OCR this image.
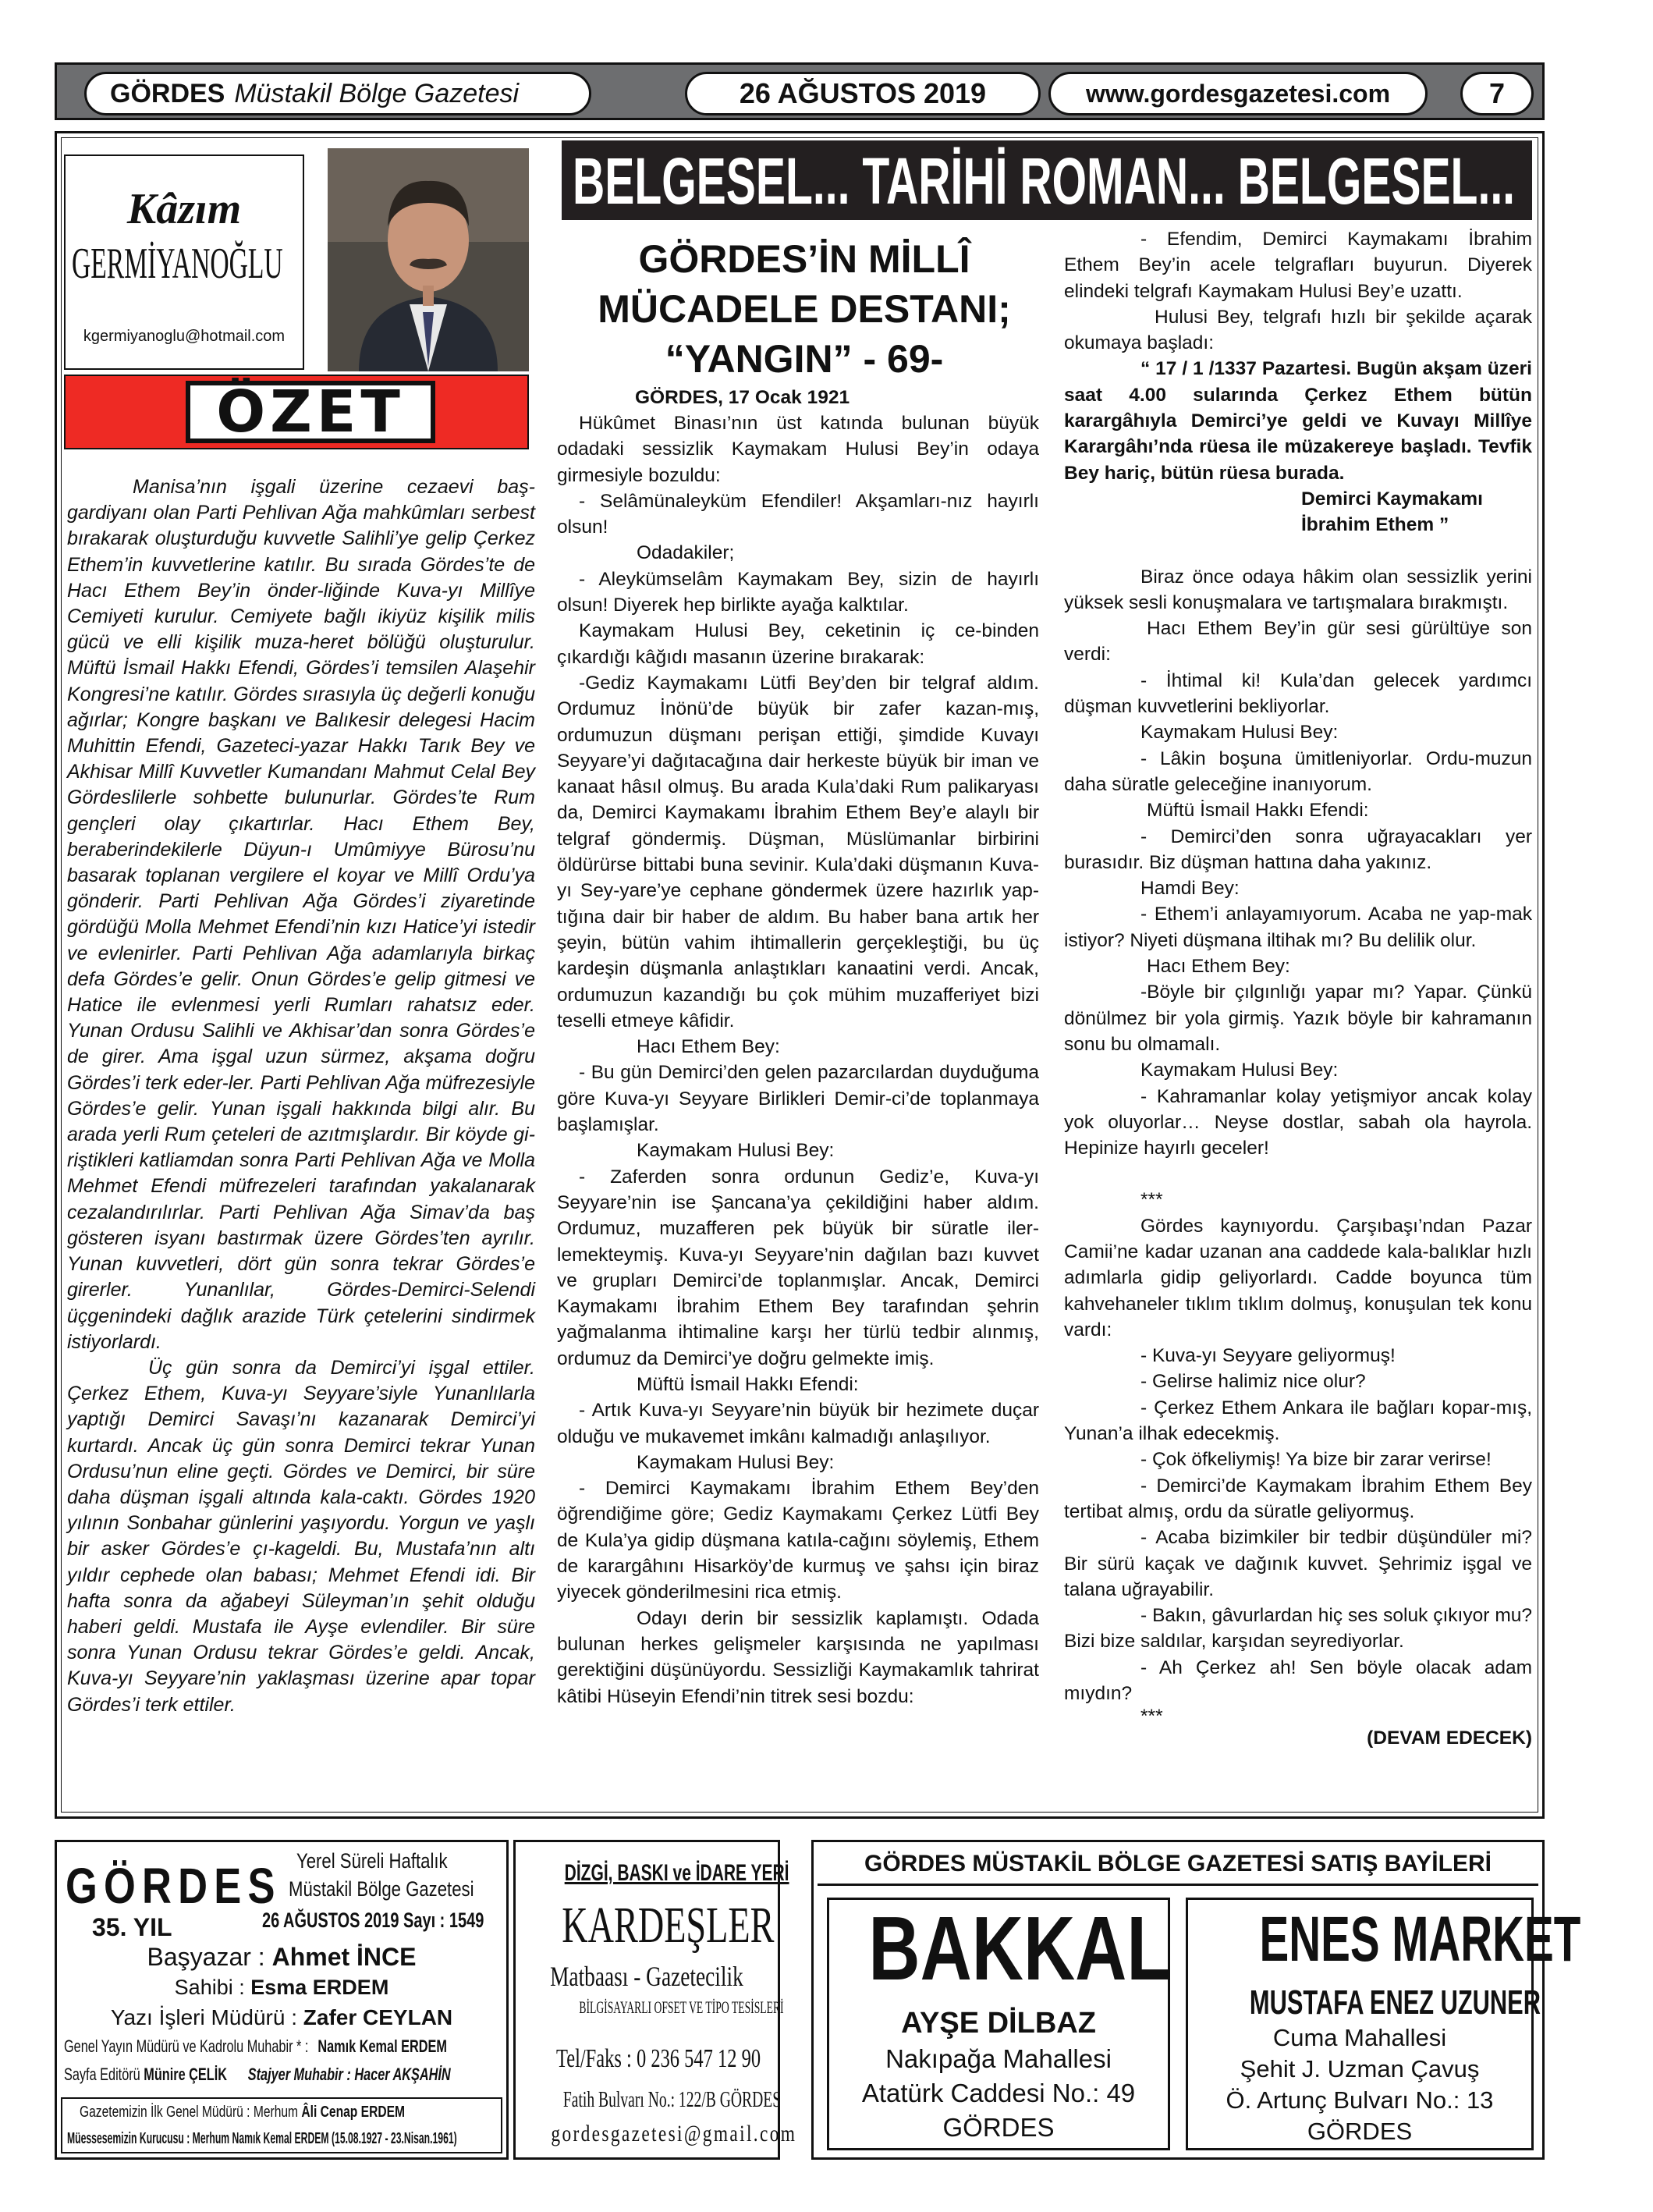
GÖRDES Müstakil Bölge Gazetesi	26 AĞUSTOS 2019	www.gordesgazetesi.com	7
Kâzım
GERMİYANOĞLU
kgermiyanoglu@hotmail.com
ÖZET

Manisa’nın işgali üzerine cezaevi baş-gardiyanı olan Parti Pehlivan Ağa mahkûmları serbest bırakarak oluşturduğu kuvvetle Salihli’ye gelip Çerkez Ethem’in kuvvetlerine katılır. Bu sırada Gördes’te de Hacı Ethem Bey’in önder-liğinde Kuva-yı Millîye Cemiyeti kurulur. Cemiyete bağlı ikiyüz kişilik milis gücü ve elli kişilik muza-heret bölüğü oluşturulur. Müftü İsmail Hakkı Efendi, Gördes’i temsilen Alaşehir Kongresi’ne katılır. Gördes sırasıyla üç değerli konuğu ağırlar; Kongre başkanı ve Balıkesir delegesi Hacim Muhittin Efendi, Gazeteci-yazar Hakkı Tarık Bey ve Akhisar Millî Kuvvetler Kumandanı Mahmut Celal Bey Gördeslilerle sohbette bulunurlar. Gördes’te Rum gençleri olay çıkartırlar. Hacı Ethem Bey, beraberindekilerle Düyun-ı Umûmiyye Bürosu’nu basarak toplanan vergilere el koyar ve Millî Ordu’ya gönderir. Parti Pehlivan Ağa Gördes’i ziyaretinde gördüğü Molla Mehmet Efendi’nin kızı Hatice’yi istedir ve evlenirler. Parti Pehlivan Ağa adamlarıyla birkaç defa Gördes’e gelir. Onun Gördes’e gelip gitmesi ve Hatice ile evlenmesi yerli Rumları rahatsız eder. Yunan Ordusu Salihli ve Akhisar’dan sonra Gördes’e de girer. Ama işgal uzun sürmez, akşama doğru Gördes’i terk eder-ler. Parti Pehlivan Ağa müfrezesiyle Gördes’e gelir. Yunan işgali hakkında bilgi alır. Bu arada yerli Rum çeteleri de azıtmışlardır. Bir köyde gi-riştikleri katliamdan sonra Parti Pehlivan Ağa ve Molla Mehmet Efendi müfrezeleri tarafından yakalanarak cezalandırılırlar. Parti Pehlivan Ağa Simav’da baş gösteren isyanı bastırmak üzere Gördes’ten ayrılır. Yunan kuvvetleri, dört gün sonra tekrar Gördes’e girerler. Yunanlılar, Gördes-Demirci-Selendi üçgenindeki dağlık arazide Türk çetelerini sindirmek istiyorlardı.

Üç gün sonra da Demirci’yi işgal ettiler. Çerkez Ethem, Kuva-yı Seyyare’siyle Yunanlılarla yaptığı Demirci Savaşı’nı kazanarak Demirci’yi kurtardı. Ancak üç gün sonra Demirci tekrar Yunan Ordusu’nun eline geçti. Gördes ve Demirci, bir süre daha düşman işgali altında kala-caktı. Gördes 1920 yılının Sonbahar günlerini yaşıyordu. Yorgun ve yaşlı bir asker Gördes’e çı-kageldi. Bu, Mustafa’nın altı yıldır cephede olan babası; Mehmet Efendi idi. Bir hafta sonra da ağabeyi Süleyman’ın şehit olduğu haberi geldi. Mustafa ile Ayşe evlendiler. Bir süre sonra Yunan Ordusu tekrar Gördes’e geldi. Ancak, Kuva-yı Seyyare’nin yaklaşması üzerine apar topar Gördes’i terk ettiler.

BELGESEL... TARİHİ ROMAN... BELGESEL...
GÖRDES’İN MİLLÎ
MÜCADELE DESTANI;
“YANGIN” - 69-
GÖRDES, 17 Ocak 1921

Hükûmet Binası’nın üst katında bulunan büyük odadaki sessizlik Kaymakam Hulusi Bey’in odaya girmesiyle bozuldu:

- Selâmünaleyküm Efendiler! Akşamları-nız hayırlı olsun!

Odadakiler;

- Aleykümselâm Kaymakam Bey, sizin de hayırlı olsun! Diyerek hep birlikte ayağa kalktılar.

Kaymakam Hulusi Bey, ceketinin iç ce-binden çıkardığı kâğıdı masanın üzerine bırakarak:

-Gediz Kaymakamı Lütfi Bey’den bir telgraf aldım. Ordumuz İnönü’de büyük bir zafer kazan-mış, ordumuzun düşmanı perişan ettiği, şimdide Kuvayı Seyyare’yi dağıtacağına dair herkeste büyük bir iman ve kanaat hâsıl olmuş. Bu arada Kula’daki Rum palikaryası da, Demirci Kaymakamı İbrahim Ethem Bey’e alaylı bir telgraf göndermiş. Düşman, Müslümanlar birbirini öldürürse bittabi buna sevinir. Kula’daki düşmanın Kuva-yı Sey-yare’ye cephane göndermek üzere hazırlık yap-tığına dair bir haber de aldım. Bu haber bana artık her şeyin, bütün vahim ihtimallerin gerçekleştiği, bu üç kardeşin düşmanla anlaştıkları kanaatini verdi. Ancak, ordumuzun kazandığı bu çok mühim muzafferiyet bizi teselli etmeye kâfidir.

Hacı Ethem Bey:

- Bu gün Demirci’den gelen pazarcılardan duyduğuma göre Kuva-yı Seyyare Birlikleri Demir-ci’de toplanmaya başlamışlar.

Kaymakam Hulusi Bey:

- Zaferden sonra ordunun Gediz’e, Kuva-yı Seyyare’nin ise Şancana’ya çekildiğini haber aldım. Ordumuz, muzafferen pek büyük bir süratle iler-lemekteymiş. Kuva-yı Seyyare’nin dağılan bazı kuvvet ve grupları Demirci’de toplanmışlar. Ancak, Demirci Kaymakamı İbrahim Ethem Bey tarafından şehrin yağmalanma ihtimaline karşı her türlü tedbir alınmış, ordumuz da Demirci’ye doğru gelmekte imiş.

Müftü İsmail Hakkı Efendi:

- Artık Kuva-yı Seyyare’nin büyük bir hezimete duçar olduğu ve mukavemet imkânı kalmadığı anlaşılıyor.

Kaymakam Hulusi Bey:

- Demirci Kaymakamı İbrahim Ethem Bey’den öğrendiğime göre; Gediz Kaymakamı Çerkez Lütfi Bey de Kula’ya gidip düşmana katıla-cağını söylemiş, Ethem de karargâhını Hisarköy’de kurmuş ve şahsı için biraz yiyecek gönderilmesini rica etmiş.

Odayı derin bir sessizlik kaplamıştı. Odada bulunan herkes gelişmeler karşısında ne yapılması gerektiğini düşünüyordu. Sessizliği Kaymakamlık tahrirat kâtibi Hüseyin Efendi’nin titrek sesi bozdu:

- Efendim, Demirci Kaymakamı İbrahim Ethem Bey’in acele telgrafları buyurun. Diyerek elindeki telgrafı Kaymakam Hulusi Bey’e uzattı.

Hulusi Bey, telgrafı hızlı bir şekilde açarak okumaya başladı:

“ 17 / 1 /1337 Pazartesi. Bugün akşam üzeri saat 4.00 sularında Çerkez Ethem bütün karargâhıyla Demirci’ye geldi ve Kuvayı Millîye Karargâhı’nda rüesa ile müzakereye başladı. Tevfik Bey hariç, bütün rüesa burada.

Demirci Kaymakamı

İbrahim Ethem ”

Biraz önce odaya hâkim olan sessizlik yerini yüksek sesli konuşmalara ve tartışmalara bırakmıştı.

Hacı Ethem Bey’in gür sesi gürültüye son verdi:

- İhtimal ki! Kula’dan gelecek yardımcı düşman kuvvetlerini bekliyorlar.

Kaymakam Hulusi Bey:

- Lâkin boşuna ümitleniyorlar. Ordu-muzun daha süratle geleceğine inanıyorum.

Müftü İsmail Hakkı Efendi:

- Demirci’den sonra uğrayacakları yer burasıdır. Biz düşman hattına daha yakınız.

Hamdi Bey:

- Ethem’i anlayamıyorum. Acaba ne yap-mak istiyor? Niyeti düşmana iltihak mı? Bu delilik olur.

Hacı Ethem Bey:

-Böyle bir çılgınlığı yapar mı? Yapar. Çünkü dönülmez bir yola girmiş. Yazık böyle bir kahramanın sonu bu olmamalı.

Kaymakam Hulusi Bey:

- Kahramanlar kolay yetişmiyor ancak kolay yok oluyorlar… Neyse dostlar, sabah ola hayrola. Hepinize hayırlı geceler!

***

Gördes kaynıyordu. Çarşıbaşı’ndan Pazar Camii’ne kadar uzanan ana caddede kala-balıklar hızlı adımlarla gidip geliyorlardı. Cadde boyunca tüm kahvehaneler tıklım tıklım dolmuş, konuşulan tek konu vardı:

- Kuva-yı Seyyare geliyormuş!

- Gelirse halimiz nice olur?

- Çerkez Ethem Ankara ile bağları kopar-mış, Yunan’a ilhak edecekmiş.

- Çok öfkeliymiş! Ya bize bir zarar verirse!

- Demirci’de Kaymakam İbrahim Ethem Bey tertibat almış, ordu da süratle geliyormuş.

- Acaba bizimkiler bir tedbir düşündüler mi? Bir sürü kaçak ve dağınık kuvvet. Şehrimiz işgal ve talana uğrayabilir.

- Bakın, gâvurlardan hiç ses soluk çıkıyor mu? Bizi bize saldılar, karşıdan seyrediyorlar.

- Ah Çerkez ah! Sen böyle olacak adam mıydın?

***

(DEVAM EDECEK)

GÖRDES
35. YIL
Yerel Süreli Haftalık
Müstakil Bölge Gazetesi
26 AĞUSTOS 2019 Sayı : 1549
Başyazar : Ahmet İNCE
Sahibi : Esma ERDEM
Yazı İşleri Müdürü : Zafer CEYLAN
Genel Yayın Müdürü ve Kadrolu Muhabir * : Namık Kemal ERDEM
Sayfa Editörü Münire ÇELİK Stajyer Muhabir : Hacer AKŞAHİN
Gazetemizin İlk Genel Müdürü : Merhum Âli Cenap ERDEM
Müessesemizin Kurucusu : Merhum Namık Kemal ERDEM (15.08.1927 - 23.Nisan.1961)
DİZGİ, BASKI ve İDARE YERİ
KARDEŞLER
Matbaası - Gazetecilik
BİLGİSAYARLI OFSET VE TİPO TESİSLERİ
Tel/Faks : 0 236 547 12 90
Fatih Bulvarı No.: 122/B GÖRDES
gordesgazetesi@gmail.com
GÖRDES MÜSTAKİL BÖLGE GAZETESİ SATIŞ BAYİLERİ
BAKKAL
AYŞE DİLBAZ
Nakıpağa Mahallesi
Atatürk Caddesi No.: 49
GÖRDES
ENES MARKET
MUSTAFA ENEZ UZUNER
Cuma Mahallesi
Şehit J. Uzman Çavuş
Ö. Artunç Bulvarı No.: 13
GÖRDES
